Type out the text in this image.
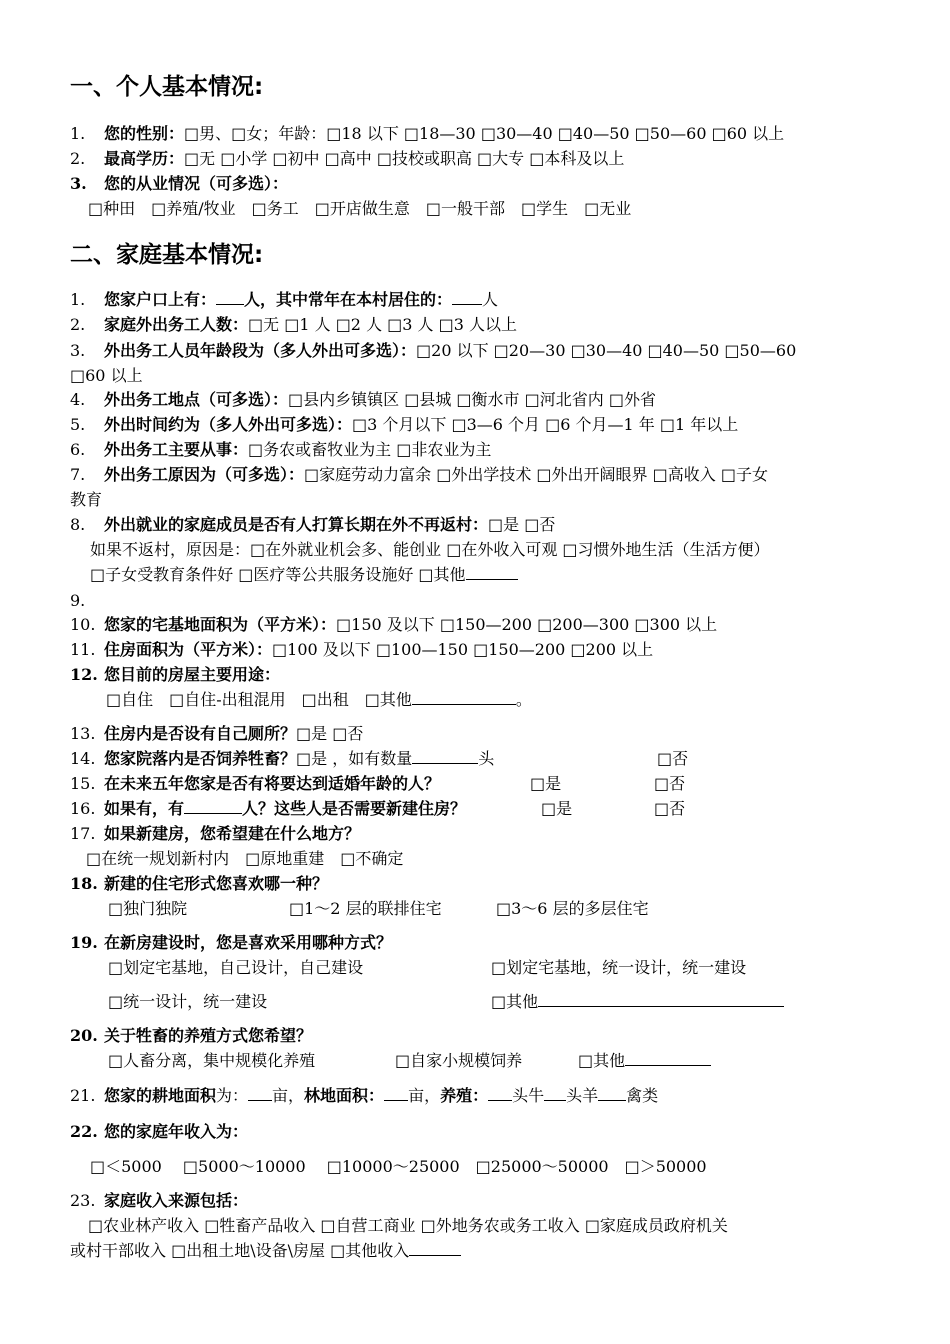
一、个人基本情况:
1. 您的性别：□男、□女；年龄：□18 以下 □18—30 □30—40 □40—50 □50—60 □60 以上
2. 最高学历：□无 □小学 □初中 □高中 □技校或职高 □大专 □本科及以上
3. 您的从业情况（可多选）：
□种田　□养殖/牧业　□务工　□开店做生意　□一般干部　□学生　□无业
二、家庭基本情况:
1. 您家户口上有： 人，其中常年在本村居住的： 人
2. 家庭外出务工人数：□无 □1 人 □2 人 □3 人 □3 人以上
3. 外出务工人员年龄段为（多人外出可多选）：□20 以下 □20—30 □30—40 □40—50 □50—60
□60 以上
4. 外出务工地点（可多选）：□县内乡镇镇区 □县城 □衡水市 □河北省内 □外省
5. 外出时间约为（多人外出可多选）：□3 个月以下 □3—6 个月 □6 个月—1 年 □1 年以上
6. 外出务工主要从事：□务农或畜牧业为主 □非农业为主
7. 外出务工原因为（可多选）：□家庭劳动力富余 □外出学技术 □外出开阔眼界 □高收入 □子女
教育
8. 外出就业的家庭成员是否有人打算长期在外不再返村：□是 □否
如果不返村，原因是：□在外就业机会多、能创业 □在外收入可观 □习惯外地生活（生活方便）
□子女受教育条件好 □医疗等公共服务设施好 □其他
9.
10. 您家的宅基地面积为（平方米）：□150 及以下 □150—200 □200—300 □300 以上
11. 住房面积为（平方米）：□100 及以下 □100—150 □150—200 □200 以上
12. 您目前的房屋主要用途：
□自住　□自住-出租混用　□出租　□其他	。
13. 住房内是否设有自己厕所？□是 □否
14. 您家院落内是否饲养牲畜？□是 ，如有数量	头	□否
15. 在未来五年您家是否有将要达到适婚年龄的人？	□是	□否
16. 如果有，有	人？这些人是否需要新建住房？	□是	□否
17. 如果新建房，您希望建在什么地方？
□在统一规划新村内　□原地重建　□不确定
18. 新建的住宅形式您喜欢哪一种？
□独门独院	□1～2 层的联排住宅	□3～6 层的多层住宅
19. 在新房建设时，您是喜欢采用哪种方式？
□划定宅基地，自己设计，自己建设	□划定宅基地，统一设计，统一建设
□统一设计，统一建设	□其他
20. 关于牲畜的养殖方式您希望？
□人畜分离，集中规模化养殖	□自家小规模饲养	□其他
21. 您家的耕地面积为： 亩，林地面积： 亩，养殖： 头牛 头羊 禽类
22. 您的家庭年收入为：
□＜5000　 □5000～10000　 □10000～25000　□25000～50000　□＞50000
23. 家庭收入来源包括：
□农业林产收入 □牲畜产品收入 □自营工商业 □外地务农或务工收入 □家庭成员政府机关
或村干部收入 □出租土地\设备\房屋 □其他收入
